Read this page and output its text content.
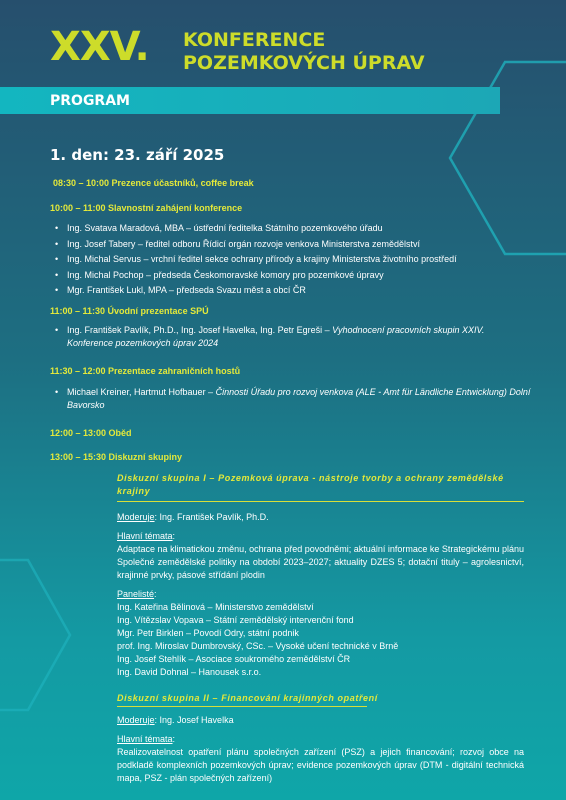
XXV. KONFERENCE
POZEMKOVÝCH ÚPRAV
PROGRAM
1. den: 23. září 2025
08:30 – 10:00 Prezence účastníků, coffee break
10:00 – 11:00 Slavnostní zahájení konference
• Ing. Svatava Maradová, MBA – ústřední ředitelka Státního pozemkového úřadu
• Ing. Josef Tabery – ředitel odboru Řídicí orgán rozvoje venkova Ministerstva zemědělství
• Ing. Michal Servus – vrchní ředitel sekce ochrany přírody a krajiny Ministerstva životního prostředí
• Ing. Michal Pochop – předseda Českomoravské komory pro pozemkové úpravy
• Mgr. František Lukl, MPA – předseda Svazu měst a obcí ČR
11:00 – 11:30 Úvodní prezentace SPÚ
• Ing. František Pavlík, Ph.D., Ing. Josef Havelka, Ing. Petr Egreši – Vyhodnocení pracovních skupin XXIV. Konference pozemkových úprav 2024
11:30 – 12:00 Prezentace zahraničních hostů
• Michael Kreiner, Hartmut Hofbauer – Činnosti Úřadu pro rozvoj venkova (ALE - Amt für Ländliche Entwicklung) Dolní Bavorsko
12:00 – 13:00 Oběd
13:00 – 15:30 Diskuzní skupiny
Diskuzní skupina I – Pozemková úprava - nástroje tvorby a ochrany zemědělské krajiny
Moderuje: Ing. František Pavlík, Ph.D.
Hlavní témata:
Adaptace na klimatickou změnu, ochrana před povodněmi; aktuální informace ke Strategickému plánu Společné zemědělské politiky na období 2023–2027; aktuality DZES 5; dotační tituly – agrolesnictví, krajinné prvky, pásové střídání plodin
Panelisté:
Ing. Kateřina Bělinová – Ministerstvo zemědělství
Ing. Vítězslav Vopava – Státní zemědělský intervenční fond
Mgr. Petr Birklen – Povodí Odry, státní podnik
prof. Ing. Miroslav Dumbrovský, CSc. – Vysoké učení technické v Brně
Ing. Josef Stehlík – Asociace soukromého zemědělství ČR
Ing. David Dohnal – Hanousek s.r.o.
Diskuzní skupina II – Financování krajinných opatření
Moderuje: Ing. Josef Havelka
Hlavní témata:
Realizovatelnost opatření plánu společných zařízení (PSZ) a jejich financování; rozvoj obce na podkladě komplexních pozemkových úprav; evidence pozemkových úprav (DTM - digitální technická mapa, PSZ - plán společných zařízení)
